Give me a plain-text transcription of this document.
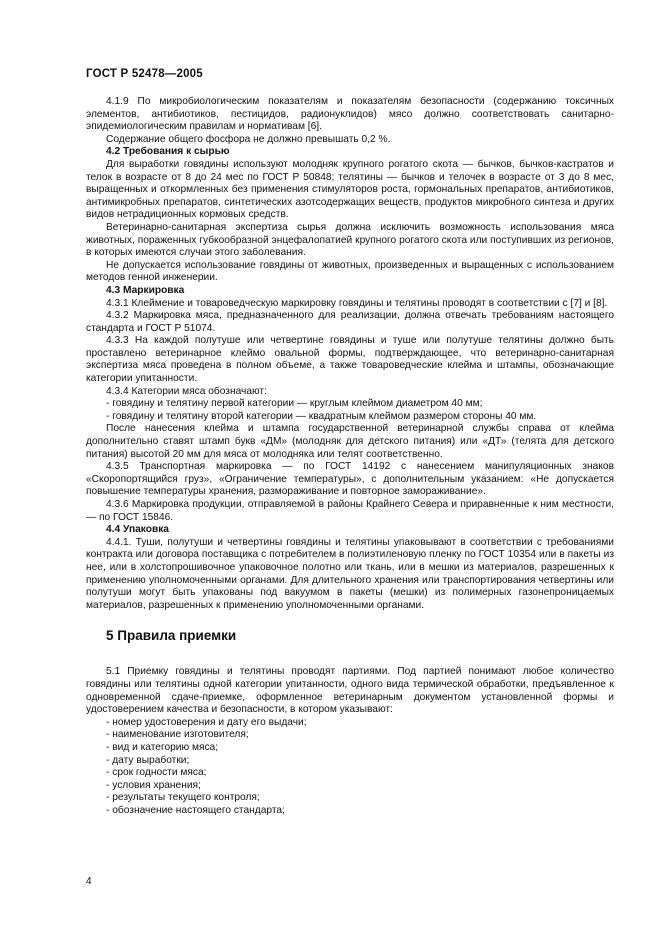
ГОСТ Р 52478—2005

4.1.9 По микробиологическим показателям и показателям безопасности (содержанию токсичных элементов, антибиотиков, пестицидов, радионуклидов) мясо должно соответствовать санитарно-эпидемиологическим правилам и нормативам [6].

Содержание общего фосфора не должно превышать 0,2 %.

4.2 Требования к сырью

Для выработки говядины используют молодняк крупного рогатого скота — бычков, бычков-кастратов и телок в возрасте от 8 до 24 мес по ГОСТ Р 50848; телятины — бычков и телочек в возрасте от 3 до 8 мес, выращенных и откормленных без применения стимуляторов роста, гормональных препаратов, антибиотиков, антимикробных препаратов, синтетических азотсодержащих веществ, продуктов микробного синтеза и других видов нетрадиционных кормовых средств.

Ветеринарно-санитарная экспертиза сырья должна исключить возможность использования мяса животных, пораженных губкообразной энцефалопатией крупного рогатого скота или поступивших из регионов, в которых имеются случаи этого заболевания.

Не допускается использование говядины от животных, произведенных и выращенных с использованием методов генной инженерии.

4.3 Маркировка

4.3.1 Клеймение и товароведческую маркировку говядины и телятины проводят в соответствии с [7] и [8].

4.3.2 Маркировка мяса, предназначенного для реализации, должна отвечать требованиям настоящего стандарта и ГОСТ Р 51074.

4.3.3 На каждой полутуше или четвертине говядины и туше или полутуше телятины должно быть проставлено ветеринарное клеймо овальной формы, подтверждающее, что ветеринарно-санитарная экспертиза мяса проведена в полном объеме, а также товароведческие клейма и штампы, обозначающие категории упитанности.

4.3.4 Категории мяса обозначают:

- говядину и телятину первой категории — круглым клеймом диаметром 40 мм;

- говядину и телятину второй категории — квадратным клеймом размером стороны 40 мм.

После нанесения клейма и штампа государственной ветеринарной службы справа от клейма дополнительно ставят штамп букв «ДМ» (молодняк для детского питания) или «ДТ» (телята для детского питания) высотой 20 мм для мяса от молодняка или телят соответственно.

4.3.5 Транспортная маркировка — по ГОСТ 14192 с нанесением манипуляционных знаков «Скоропортящийся груз», «Ограничение температуры», с дополнительным указанием: «Не допускается повышение температуры хранения, размораживание и повторное замораживание».

4.3.6 Маркировка продукции, отправляемой в районы Крайнего Севера и приравненные к ним местности, — по ГОСТ 15846.

4.4 Упаковка

4.4.1. Туши, полутуши и четвертины говядины и телятины упаковывают в соответствии с требованиями контракта или договора поставщика с потребителем в полиэтиленовую пленку по ГОСТ 10354 или в пакеты из нее, или в холстопрошивочное упаковочное полотно или ткань, или в мешки из материалов, разрешенных к применению уполномоченными органами. Для длительного хранения или транспортирования четвертины или полутуши могут быть упакованы под вакуумом в пакеты (мешки) из полимерных газонепроницаемых материалов, разрешенных к применению уполномоченными органами.

5 Правила приемки

5.1 Приемку говядины и телятины проводят партиями. Под партией понимают любое количество говядины или телятины одной категории упитанности, одного вида термической обработки, предъявленное к одновременной сдаче-приемке, оформленное ветеринарным документом установленной формы и удостоверением качества и безопасности, в котором указывают:

- номер удостоверения и дату его выдачи;

- наименование изготовителя;

- вид и категорию мяса;

- дату выработки;

- срок годности мяса;

- условия хранения;

- результаты текущего контроля;

- обозначение настоящего стандарта;

4
